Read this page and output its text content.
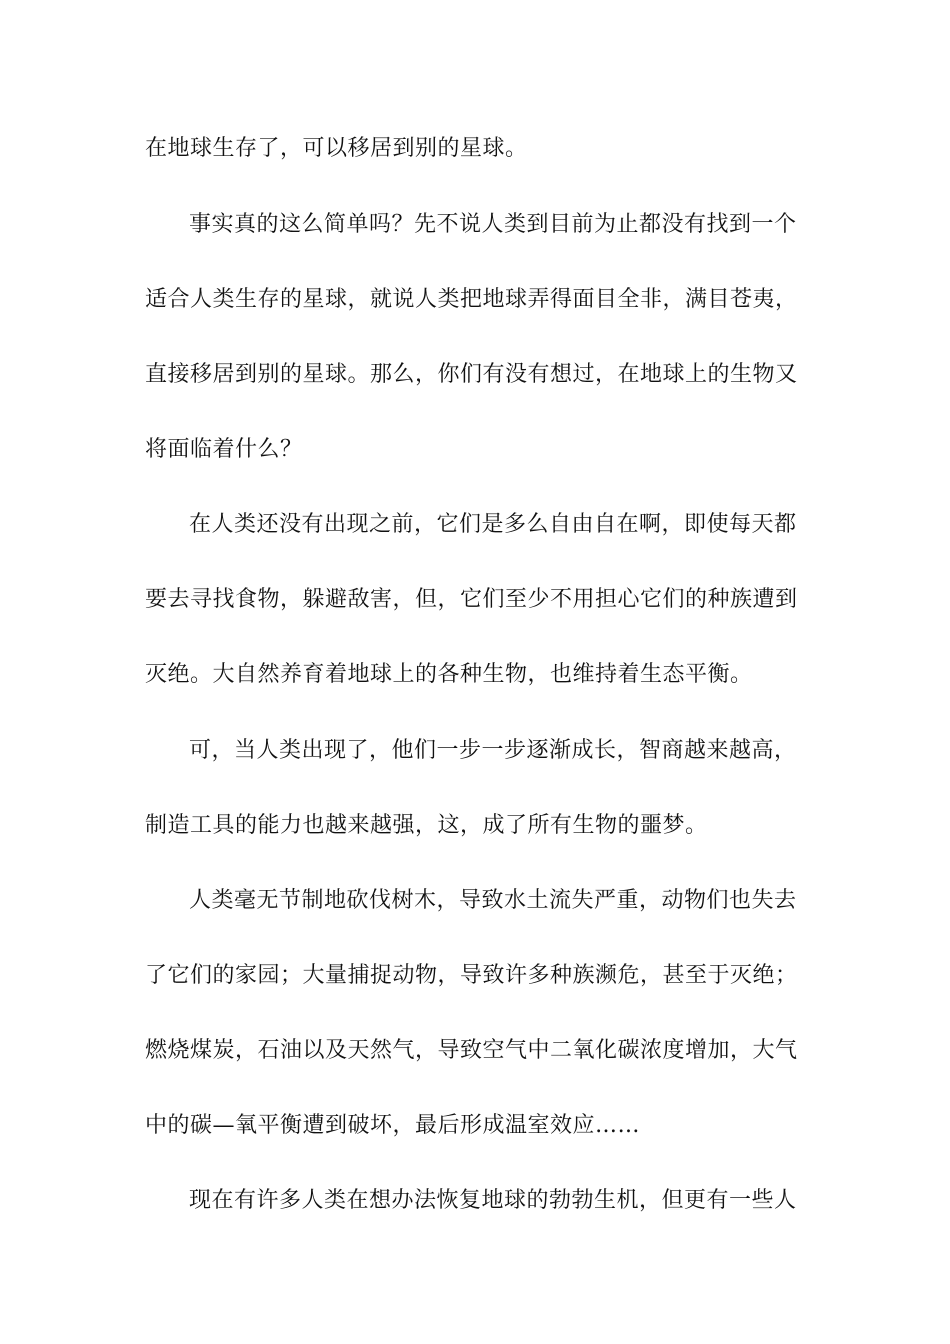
在地球生存了，可以移居到别的星球。
事实真的这么简单吗？先不说人类到目前为止都没有找到一个
适合人类生存的星球，就说人类把地球弄得面目全非，满目苍夷，
直接移居到别的星球。那么，你们有没有想过，在地球上的生物又
将面临着什么？
在人类还没有出现之前，它们是多么自由自在啊，即使每天都
要去寻找食物，躲避敌害，但，它们至少不用担心它们的种族遭到
灭绝。大自然养育着地球上的各种生物，也维持着生态平衡。
可，当人类出现了，他们一步一步逐渐成长，智商越来越高，
制造工具的能力也越来越强，这，成了所有生物的噩梦。
人类毫无节制地砍伐树木，导致水土流失严重，动物们也失去
了它们的家园；大量捕捉动物，导致许多种族濒危，甚至于灭绝；
燃烧煤炭，石油以及天然气，导致空气中二氧化碳浓度增加，大气
中的碳—氧平衡遭到破坏，最后形成温室效应……
现在有许多人类在想办法恢复地球的勃勃生机，但更有一些人
